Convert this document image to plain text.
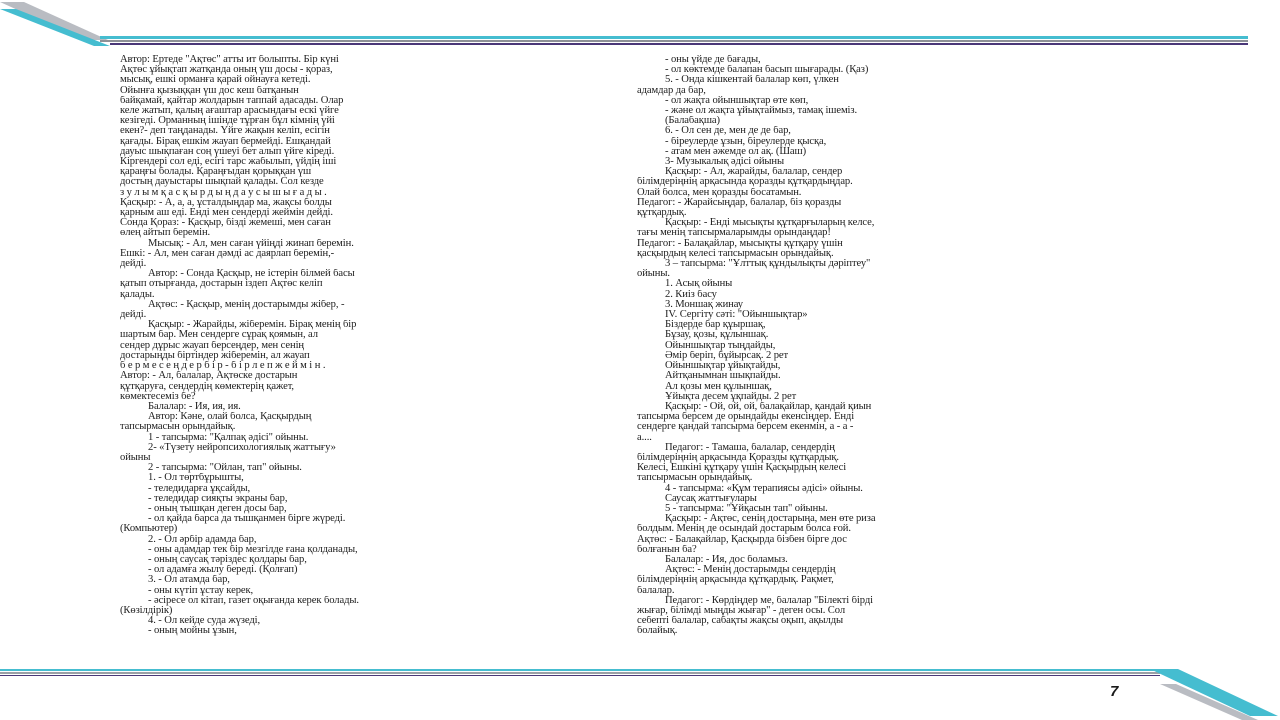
Автор: Ертеде "Ақтөс" атты ит болыпты. Бір күні

Ақтөс ұйықтап жатқанда оның үш досы - қораз,

мысық, ешкі орманға қарай ойнауға кетеді.

Ойынға қызыққан үш дос кеш батқанын

байқамай, қайтар жолдарын таппай адасады. Олар

келе жатып, қалың ағаштар арасындағы ескі үйге

кезігеді. Орманның ішінде тұрған бұл кімнің үйі

екен?- деп таңданады. Үйге жақын келіп, есігін

қағады. Бірақ ешкім жауап бермейді. Ешқандай

дауыс шықпаған соң үшеуі бет алып үйге кіреді.

Кіргендері сол еді, есігі тарс жабылып, үйдің іші

қараңғы болады. Қараңғыдан қорыққан үш

достың дауыстары шықпай қалады. Сол кезде

з у л ы м қ а с қ ы р д ы ң д а у с ы ш ы ғ а д ы .

Қасқыр: - А, а, а, ұсталдыңдар ма, жақсы болды

қарным аш еді. Енді мен сендерді жеймін дейді.

Сонда Қораз: - Қасқыр, бізді жемеші, мен саған

өлең айтып беремін.

Мысық: - Ал, мен саған үйіңді жинап беремін.

Ешкі: - Ал, мен саған дәмді ас даярлап беремін,-

дейді.

Автор: - Сонда Қасқыр, не істерін білмей басы

қатып отырғанда, достарын іздеп Ақтөс келіп

қалады.

Ақтөс: - Қасқыр, менің достарымды жібер, -

дейді.

Қасқыр: - Жарайды, жіберемін. Бірақ менің бір

шартым бар. Мен сендерге сұрақ қоямын, ал

сендер дұрыс жауап берсеңдер, мен сенің

достарыңды біртіндер жіберемін, ал жауап

б е р м е с е ң д е р б і р - б і р л е п ж е й м і н .

Автор: - Ал, балалар, Ақтөске достарын

құтқаруға, сендердің көмектерің қажет,

көмектесеміз бе?

Балалар: - Ия, ия, ия.

Автор: Кәне, олай болса, Қасқырдың

тапсырмасын орындайық.

1 - тапсырма: "Қалпақ әдісі" ойыны.

2- «Түзету нейропсихологиялық жаттығу»

ойыны

2 - тапсырма: "Ойлан, тап" ойыны.

1. - Ол төртбұрышты,

- теледидарға ұқсайды,

- теледидар сияқты экраны бар,

- оның тышқан деген досы бар,

- ол қайда барса да тышқанмен бірге жүреді.

(Компьютер)

2. - Ол әрбір адамда бар,

- оны адамдар тек бір мезгілде ғана қолданады,

- оның саусақ тәріздес қолдары бар,

- ол адамға жылу береді. (Қолғап)

3. - Ол атамда бар,

- оны күтіп ұстау керек,

- әсіресе ол кітап, газет оқығанда керек болады.

(Көзілдірік)

4. - Ол кейде суда жүзеді,

- оның мойны ұзын,

- оны үйде де бағады,

- ол көктемде балапан басып шығарады. (Қаз)

5. - Онда кішкентай балалар көп, үлкен

адамдар да бар,

- ол жақта ойыншықтар өте көп,

- және ол жақта ұйықтаймыз, тамақ ішеміз.

(Балабақша)

6. - Ол сен де, мен де де бар,

- біреулерде ұзын, біреулерде қысқа,

- атам мен әжемде ол ақ. (Шаш)

3- Музыкалық әдісі ойыны

Қасқыр: - Ал, жарайды, балалар, сендер

білімдеріңнің арқасында қоразды құтқардыңдар.

Олай болса, мен қоразды босатамын.

Педагог: - Жарайсыңдар, балалар, біз қоразды

құтқардық.

Қасқыр: - Енді мысықты құтқарғыларың келсе,

тағы менің тапсырмаларымды орындаңдар!

Педагог: - Балақайлар, мысықты құтқару үшін

қасқырдың келесі тапсырмасын орындайық.

3 – тапсырма: "Ұлттық құндылықты дәріптеу"

ойыны.

1. Асық ойыны

2. Киіз басу

3. Моншақ жинау

IV. Сергіту сәті: "Ойыншықтар»

Біздерде бар құыршақ,

Бұзау, қозы, құлыншақ.

Ойыншықтар тыңдайды,

Әмір беріп, бұйырсақ. 2 рет

Ойыншықтар ұйықтайды,

Айтқанымнан шықпайды.

Ал қозы мен құлыншақ,

Ұйықта десем ұқпайды. 2 рет

Қасқыр: - Ой, ой, ой, балақайлар, қандай қиын

тапсырма берсем де орындайды екенсіңдер. Енді

сендерге қандай тапсырма берсем екенмін, а - а -

а....

Педагог: - Тамаша, балалар, сендердің

білімдеріңнің арқасында Қоразды құтқардық.

Келесі, Ешкіні құтқару үшін Қасқырдың келесі

тапсырмасын орындайық.

4 - тапсырма: «Құм терапиясы әдісі» ойыны.

Саусақ жаттығулары

5 - тапсырма: "Ұйқасын тап" ойыны.

Қасқыр: - Ақтөс, сенің достарыңа, мен өте риза

болдым. Менің де осындай достарым болса ғой.

Ақтөс: - Балақайлар, Қасқырда бізбен бірге дос

болғанын ба?

Балалар: - Ия, дос боламыз.

Ақтөс: - Менің достарымды сендердің

білімдеріңнің арқасында құтқардық. Рақмет,

балалар.

Педагог: - Көрдіңдер ме, балалар "Білекті бірді

жығар, білімді мыңды жығар" - деген осы. Сол

себепті балалар, сабақты жақсы оқып, ақылды

болайық.

7
